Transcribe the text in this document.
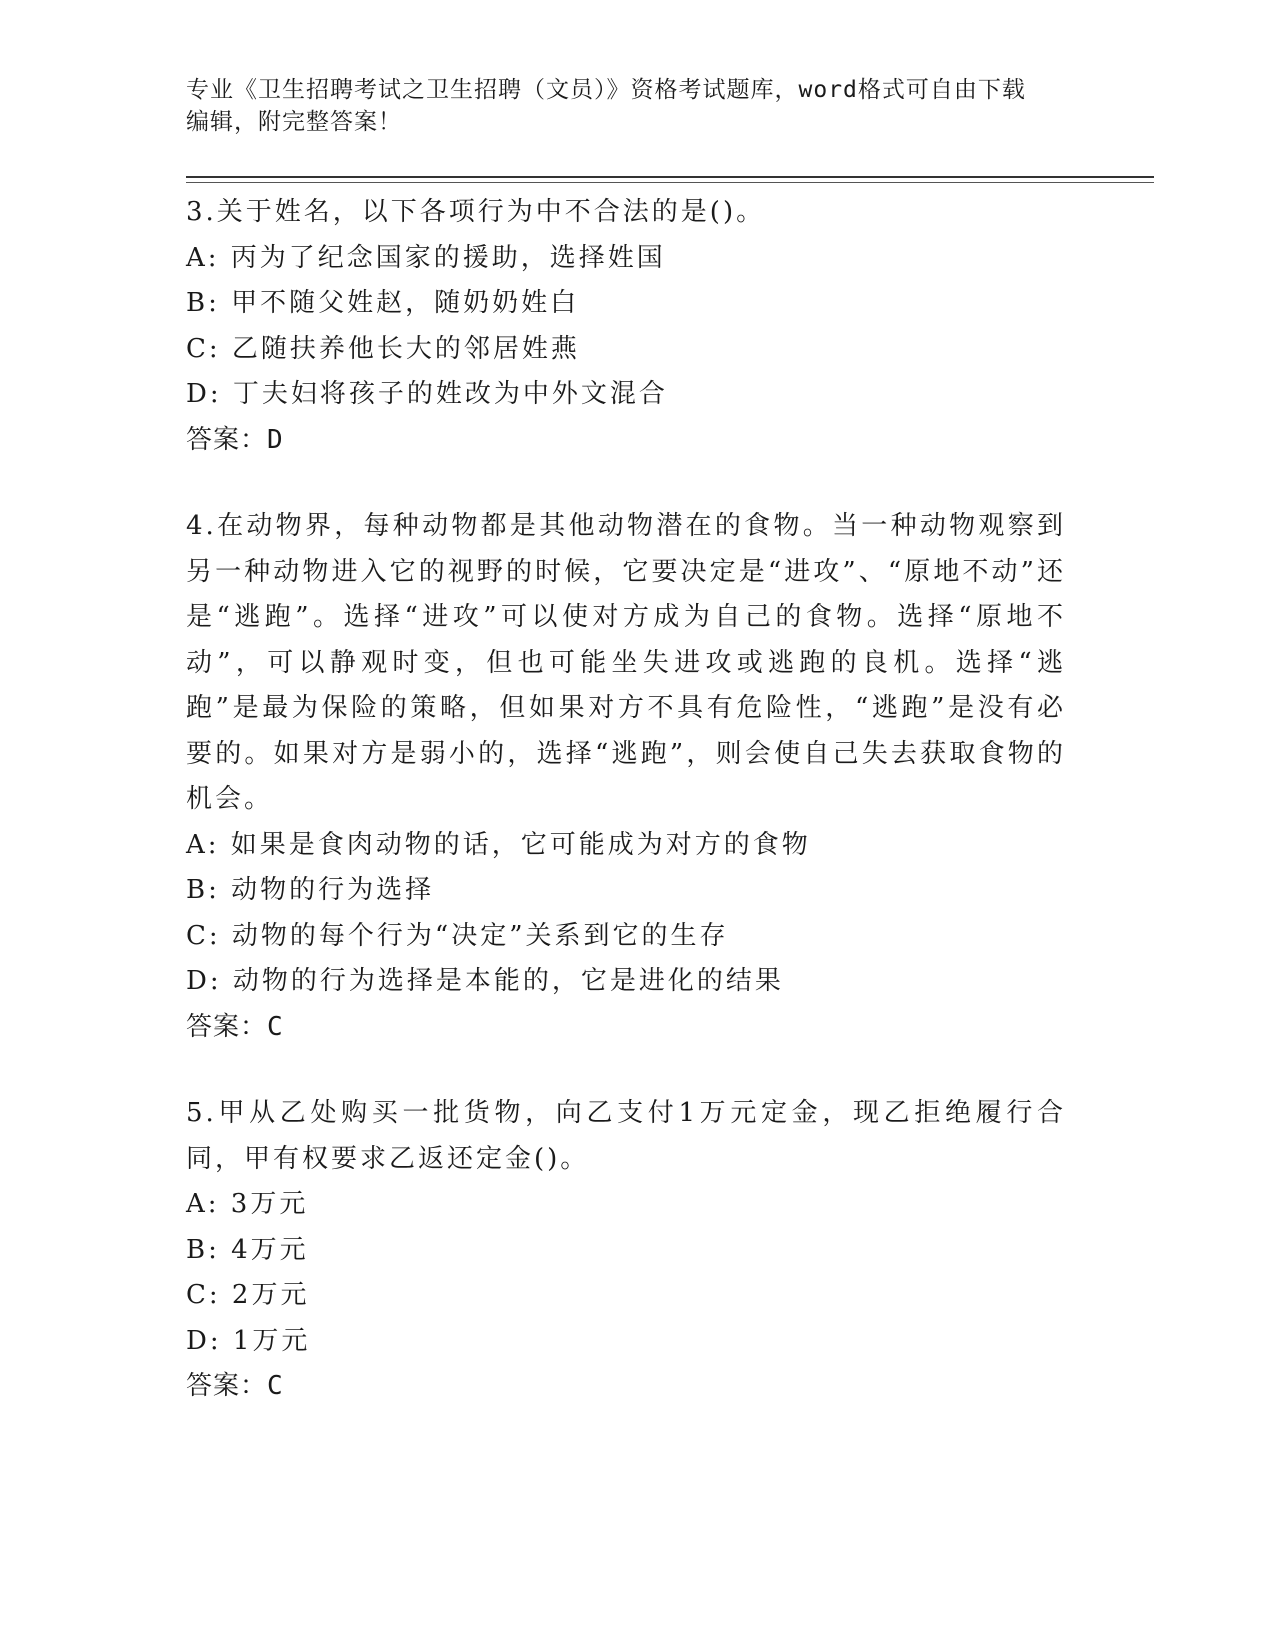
专业《卫生招聘考试之卫生招聘（文员）》资格考试题库，word格式可自由下载
编辑，附完整答案！

3.关于姓名，以下各项行为中不合法的是()。

A: 丙为了纪念国家的援助，选择姓国

B: 甲不随父姓赵，随奶奶姓白

C: 乙随扶养他长大的邻居姓燕

D: 丁夫妇将孩子的姓改为中外文混合

答案：D

4.在动物界，每种动物都是其他动物潜在的食物。当一种动物观察到另一种动物进入它的视野的时候，它要决定是“进攻”、“原地不动”还是“逃跑”。选择“进攻”可以使对方成为自己的食物。选择“原地不动”，可以静观时变，但也可能坐失进攻或逃跑的良机。选择“逃跑”是最为保险的策略，但如果对方不具有危险性，“逃跑”是没有必要的。如果对方是弱小的，选择“逃跑”，则会使自己失去获取食物的机会。

A: 如果是食肉动物的话，它可能成为对方的食物

B: 动物的行为选择

C: 动物的每个行为“决定”关系到它的生存

D: 动物的行为选择是本能的，它是进化的结果

答案：C

5.甲从乙处购买一批货物，向乙支付1万元定金，现乙拒绝履行合同，甲有权要求乙返还定金()。

A: 3万元

B: 4万元

C: 2万元

D: 1万元

答案：C
